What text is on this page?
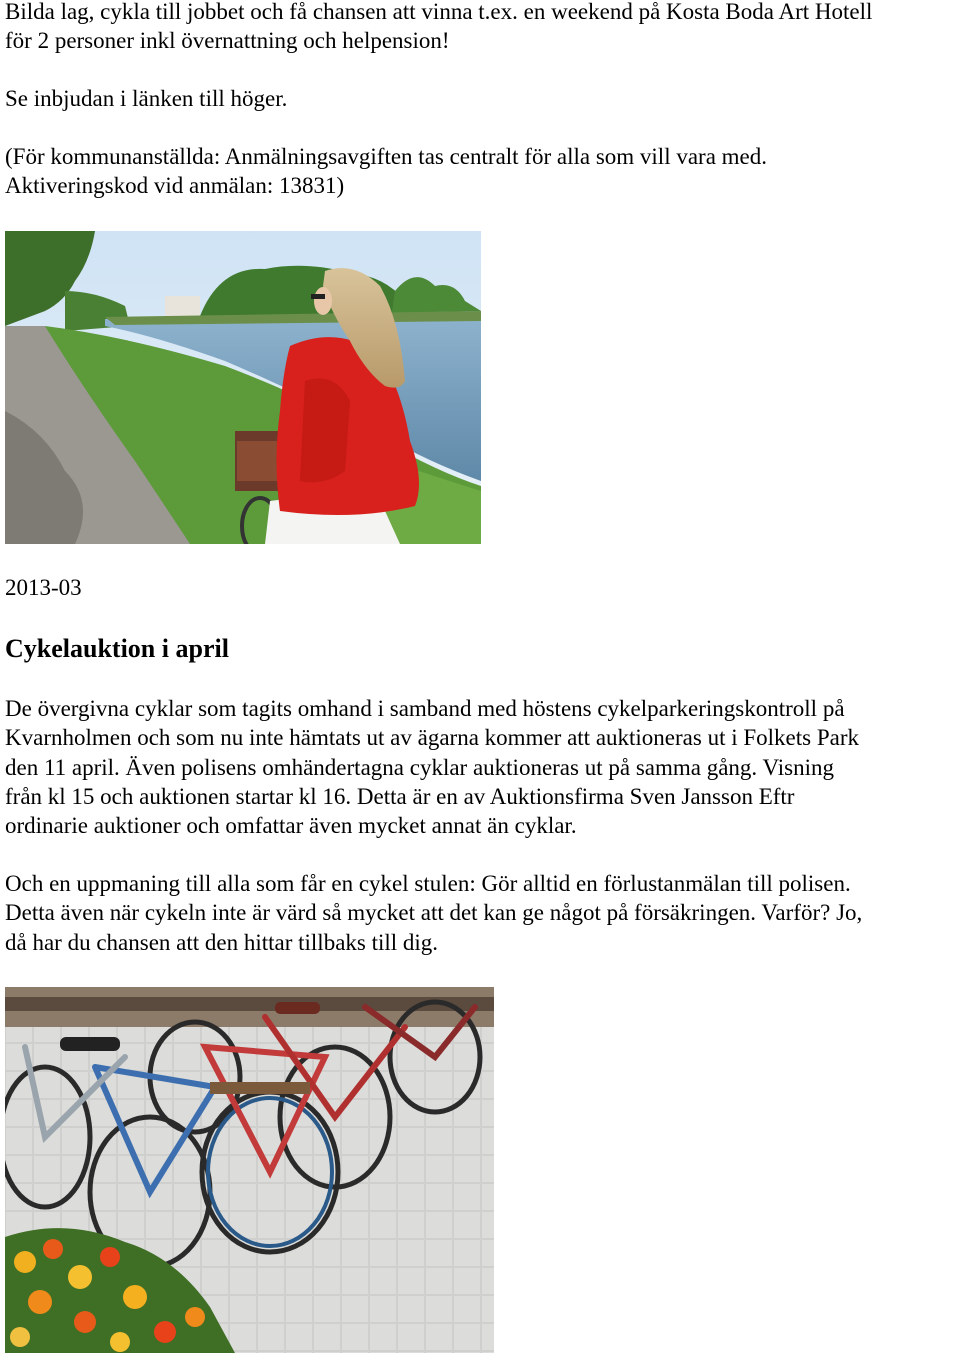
Bilda lag, cykla till jobbet och få chansen att vinna t.ex. en weekend på Kosta Boda Art Hotell
för 2 personer inkl övernattning och helpension!

Se inbjudan i länken till höger.

(För kommunanställda: Anmälningsavgiften tas centralt för alla som vill vara med.
Aktiveringskod vid anmälan: 13831)

2013-03

Cykelauktion i april
De övergivna cyklar som tagits omhand i samband med höstens cykelparkeringskontroll på
Kvarnholmen och som nu inte hämtats ut av ägarna kommer att auktioneras ut i Folkets Park
den 11 april. Även polisens omhändertagna cyklar auktioneras ut på samma gång. Visning
från kl 15 och auktionen startar kl 16. Detta är en av Auktionsfirma Sven Jansson Eftr
ordinarie auktioner och omfattar även mycket annat än cyklar.
Och en uppmaning till alla som får en cykel stulen: Gör alltid en förlustanmälan till polisen.
Detta även när cykeln inte är värd så mycket att det kan ge något på försäkringen. Varför? Jo,
då har du chansen att den hittar tillbaks till dig.
